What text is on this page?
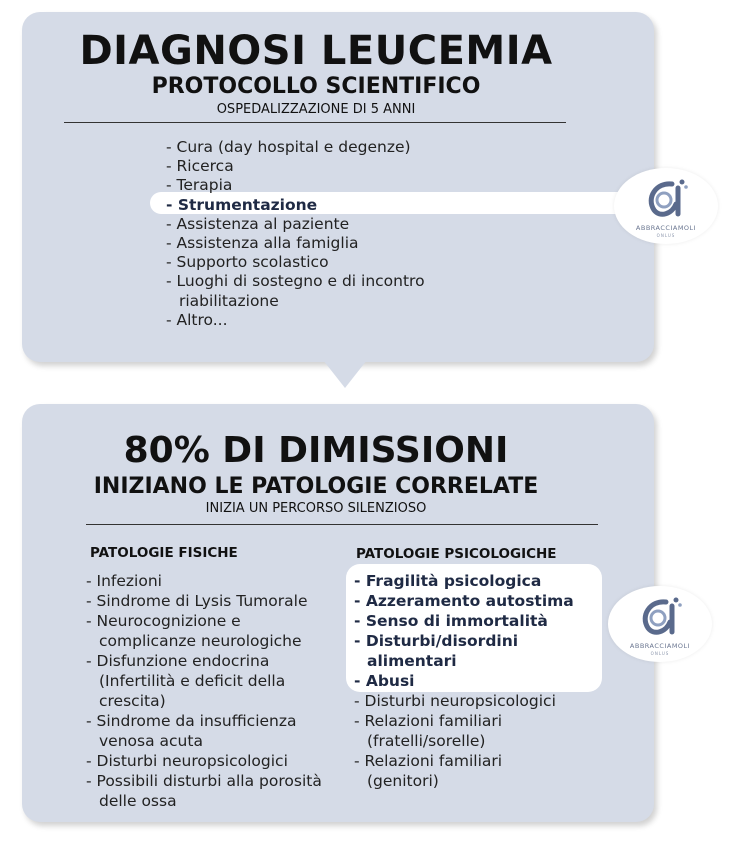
DIAGNOSI LEUCEMIA
PROTOCOLLO SCIENTIFICO
OSPEDALIZZAZIONE DI 5 ANNI
- Cura (day hospital e degenze)
- Ricerca
- Terapia
- Strumentazione
- Assistenza al paziente
- Assistenza alla famiglia
- Supporto scolastico
- Luoghi di sostegno e di incontro
riabilitazione
- Altro...
ABBRACCIAMOLI
ONLUS
80% DI DIMISSIONI
INIZIANO LE PATOLOGIE CORRELATE
INIZIA UN PERCORSO SILENZIOSO
PATOLOGIE FISICHE	PATOLOGIE PSICOLOGICHE
- Infezioni
- Sindrome di Lysis Tumorale
- Neurocognizione e
complicanze neurologiche
- Disfunzione endocrina
(Infertilità e deficit della
crescita)
- Sindrome da insufficienza
venosa acuta
- Disturbi neuropsicologici
- Possibili disturbi alla porosità
delle ossa
- Fragilità psicologica
- Azzeramento autostima
- Senso di immortalità
- Disturbi/disordini
alimentari
- Abusi
- Disturbi neuropsicologici
- Relazioni familiari
(fratelli/sorelle)
- Relazioni familiari
(genitori)
ABBRACCIAMOLI
ONLUS
